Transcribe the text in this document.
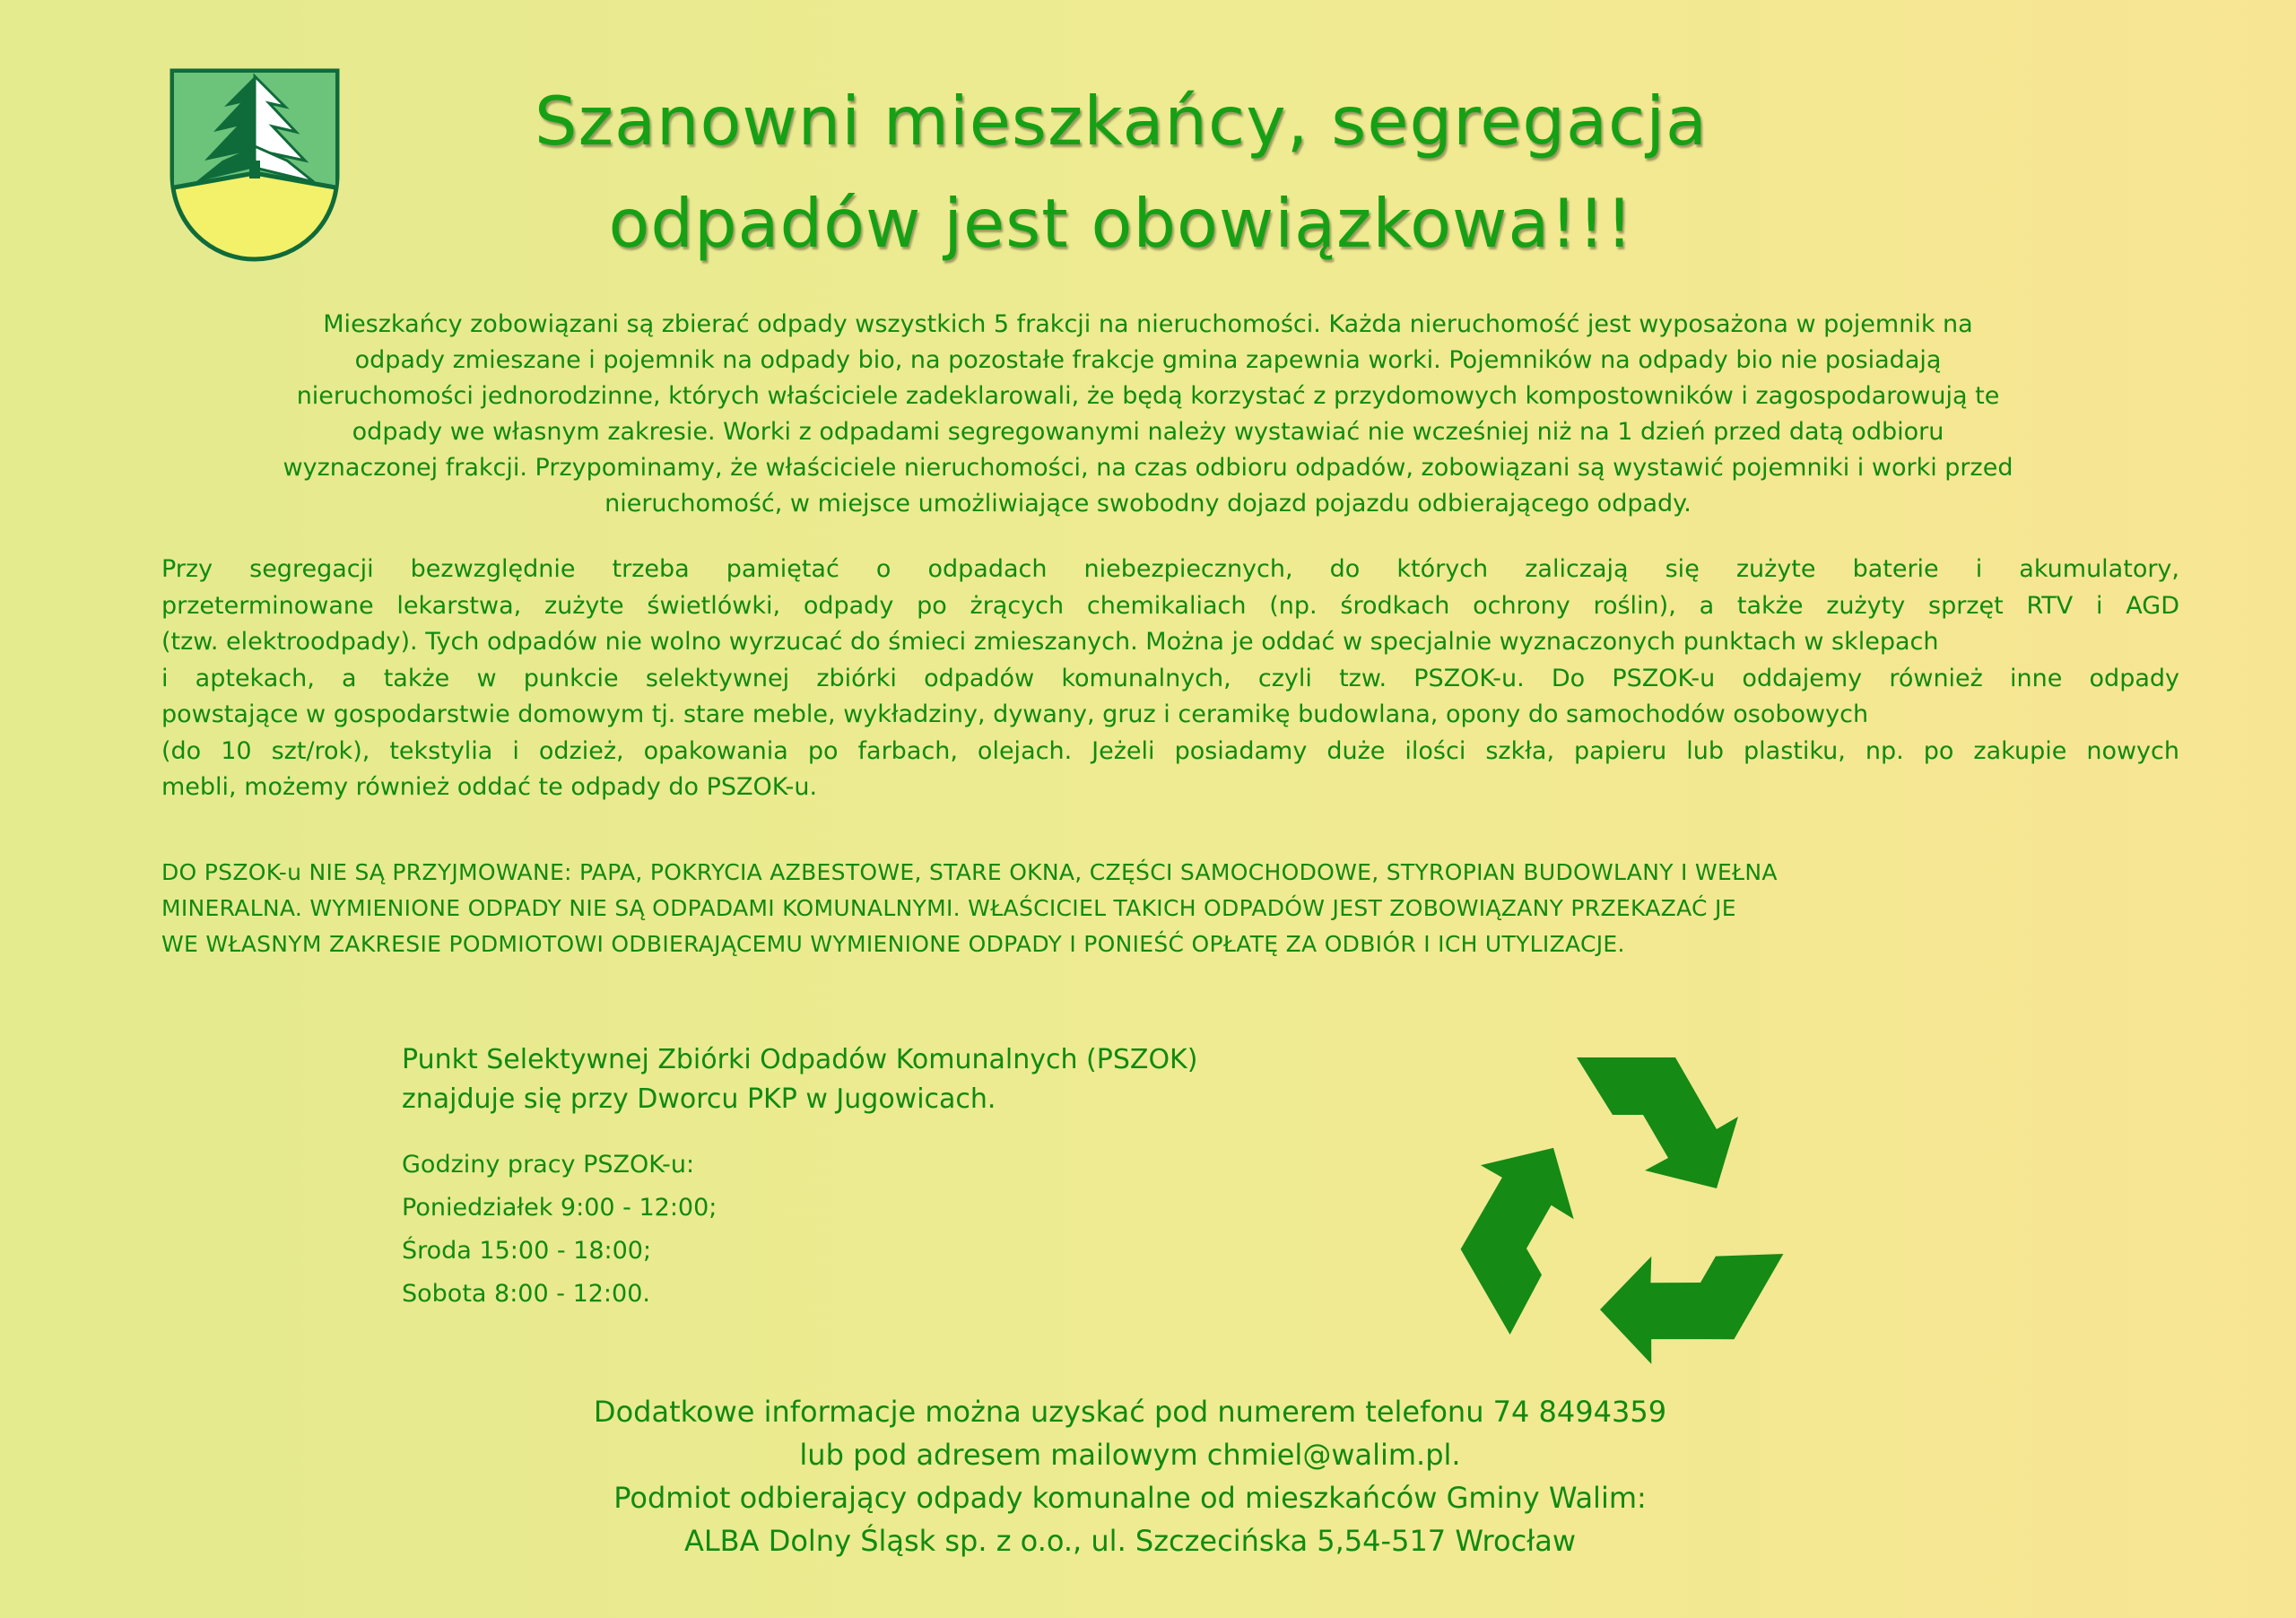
Szanowni mieszkańcy, segregacja
odpadów jest obowiązkowa!!!

Mieszkańcy zobowiązani są zbierać odpady wszystkich 5 frakcji na nieruchomości. Każda nieruchomość jest wyposażona w pojemnik na
odpady zmieszane i pojemnik na odpady bio, na pozostałe frakcje gmina zapewnia worki. Pojemników na odpady bio nie posiadają
nieruchomości jednorodzinne, których właściciele zadeklarowali, że będą korzystać z przydomowych kompostowników i zagospodarowują te
odpady we własnym zakresie. Worki z odpadami segregowanymi należy wystawiać nie wcześniej niż na 1 dzień przed datą odbioru
wyznaczonej frakcji. Przypominamy, że właściciele nieruchomości, na czas odbioru odpadów, zobowiązani są wystawić pojemniki i worki przed
nieruchomość, w miejsce umożliwiające swobodny dojazd pojazdu odbierającego odpady.

Przy segregacji bezwzględnie trzeba pamiętać o odpadach niebezpiecznych, do których zaliczają się zużyte baterie i akumulatory,
przeterminowane lekarstwa, zużyte świetlówki, odpady po żrących chemikaliach (np. środkach ochrony roślin), a także zużyty sprzęt RTV i AGD
(tzw. elektroodpady). Tych odpadów nie wolno wyrzucać do śmieci zmieszanych. Można je oddać w specjalnie wyznaczonych punktach w sklepach
i aptekach, a także w punkcie selektywnej zbiórki odpadów komunalnych, czyli tzw. PSZOK-u. Do PSZOK-u oddajemy również inne odpady
powstające w gospodarstwie domowym tj. stare meble, wykładziny, dywany, gruz i ceramikę budowlana, opony do samochodów osobowych
(do 10 szt/rok), tekstylia i odzież, opakowania po farbach, olejach. Jeżeli posiadamy duże ilości szkła, papieru lub plastiku, np. po zakupie nowych
mebli, możemy również oddać te odpady do PSZOK-u.

DO PSZOK-u NIE SĄ PRZYJMOWANE: PAPA, POKRYCIA AZBESTOWE, STARE OKNA, CZĘŚCI SAMOCHODOWE, STYROPIAN BUDOWLANY I WEŁNA
MINERALNA. WYMIENIONE ODPADY NIE SĄ ODPADAMI KOMUNALNYMI. WŁAŚCICIEL TAKICH ODPADÓW JEST ZOBOWIĄZANY PRZEKAZAĆ JE
WE WŁASNYM ZAKRESIE PODMIOTOWI ODBIERAJĄCEMU WYMIENIONE ODPADY I PONIEŚĆ OPŁATĘ ZA ODBIÓR I ICH UTYLIZACJE.

Punkt Selektywnej Zbiórki Odpadów Komunalnych (PSZOK)
znajduje się przy Dworcu PKP w Jugowicach.

Godziny pracy PSZOK-u:
Poniedziałek 9:00 - 12:00;
Środa 15:00 - 18:00;
Sobota 8:00 - 12:00.

Dodatkowe informacje można uzyskać pod numerem telefonu 74 8494359
lub pod adresem mailowym chmiel@walim.pl.
Podmiot odbierający odpady komunalne od mieszkańców Gminy Walim:
ALBA Dolny Śląsk sp. z o.o., ul. Szczecińska 5,54-517 Wrocław
